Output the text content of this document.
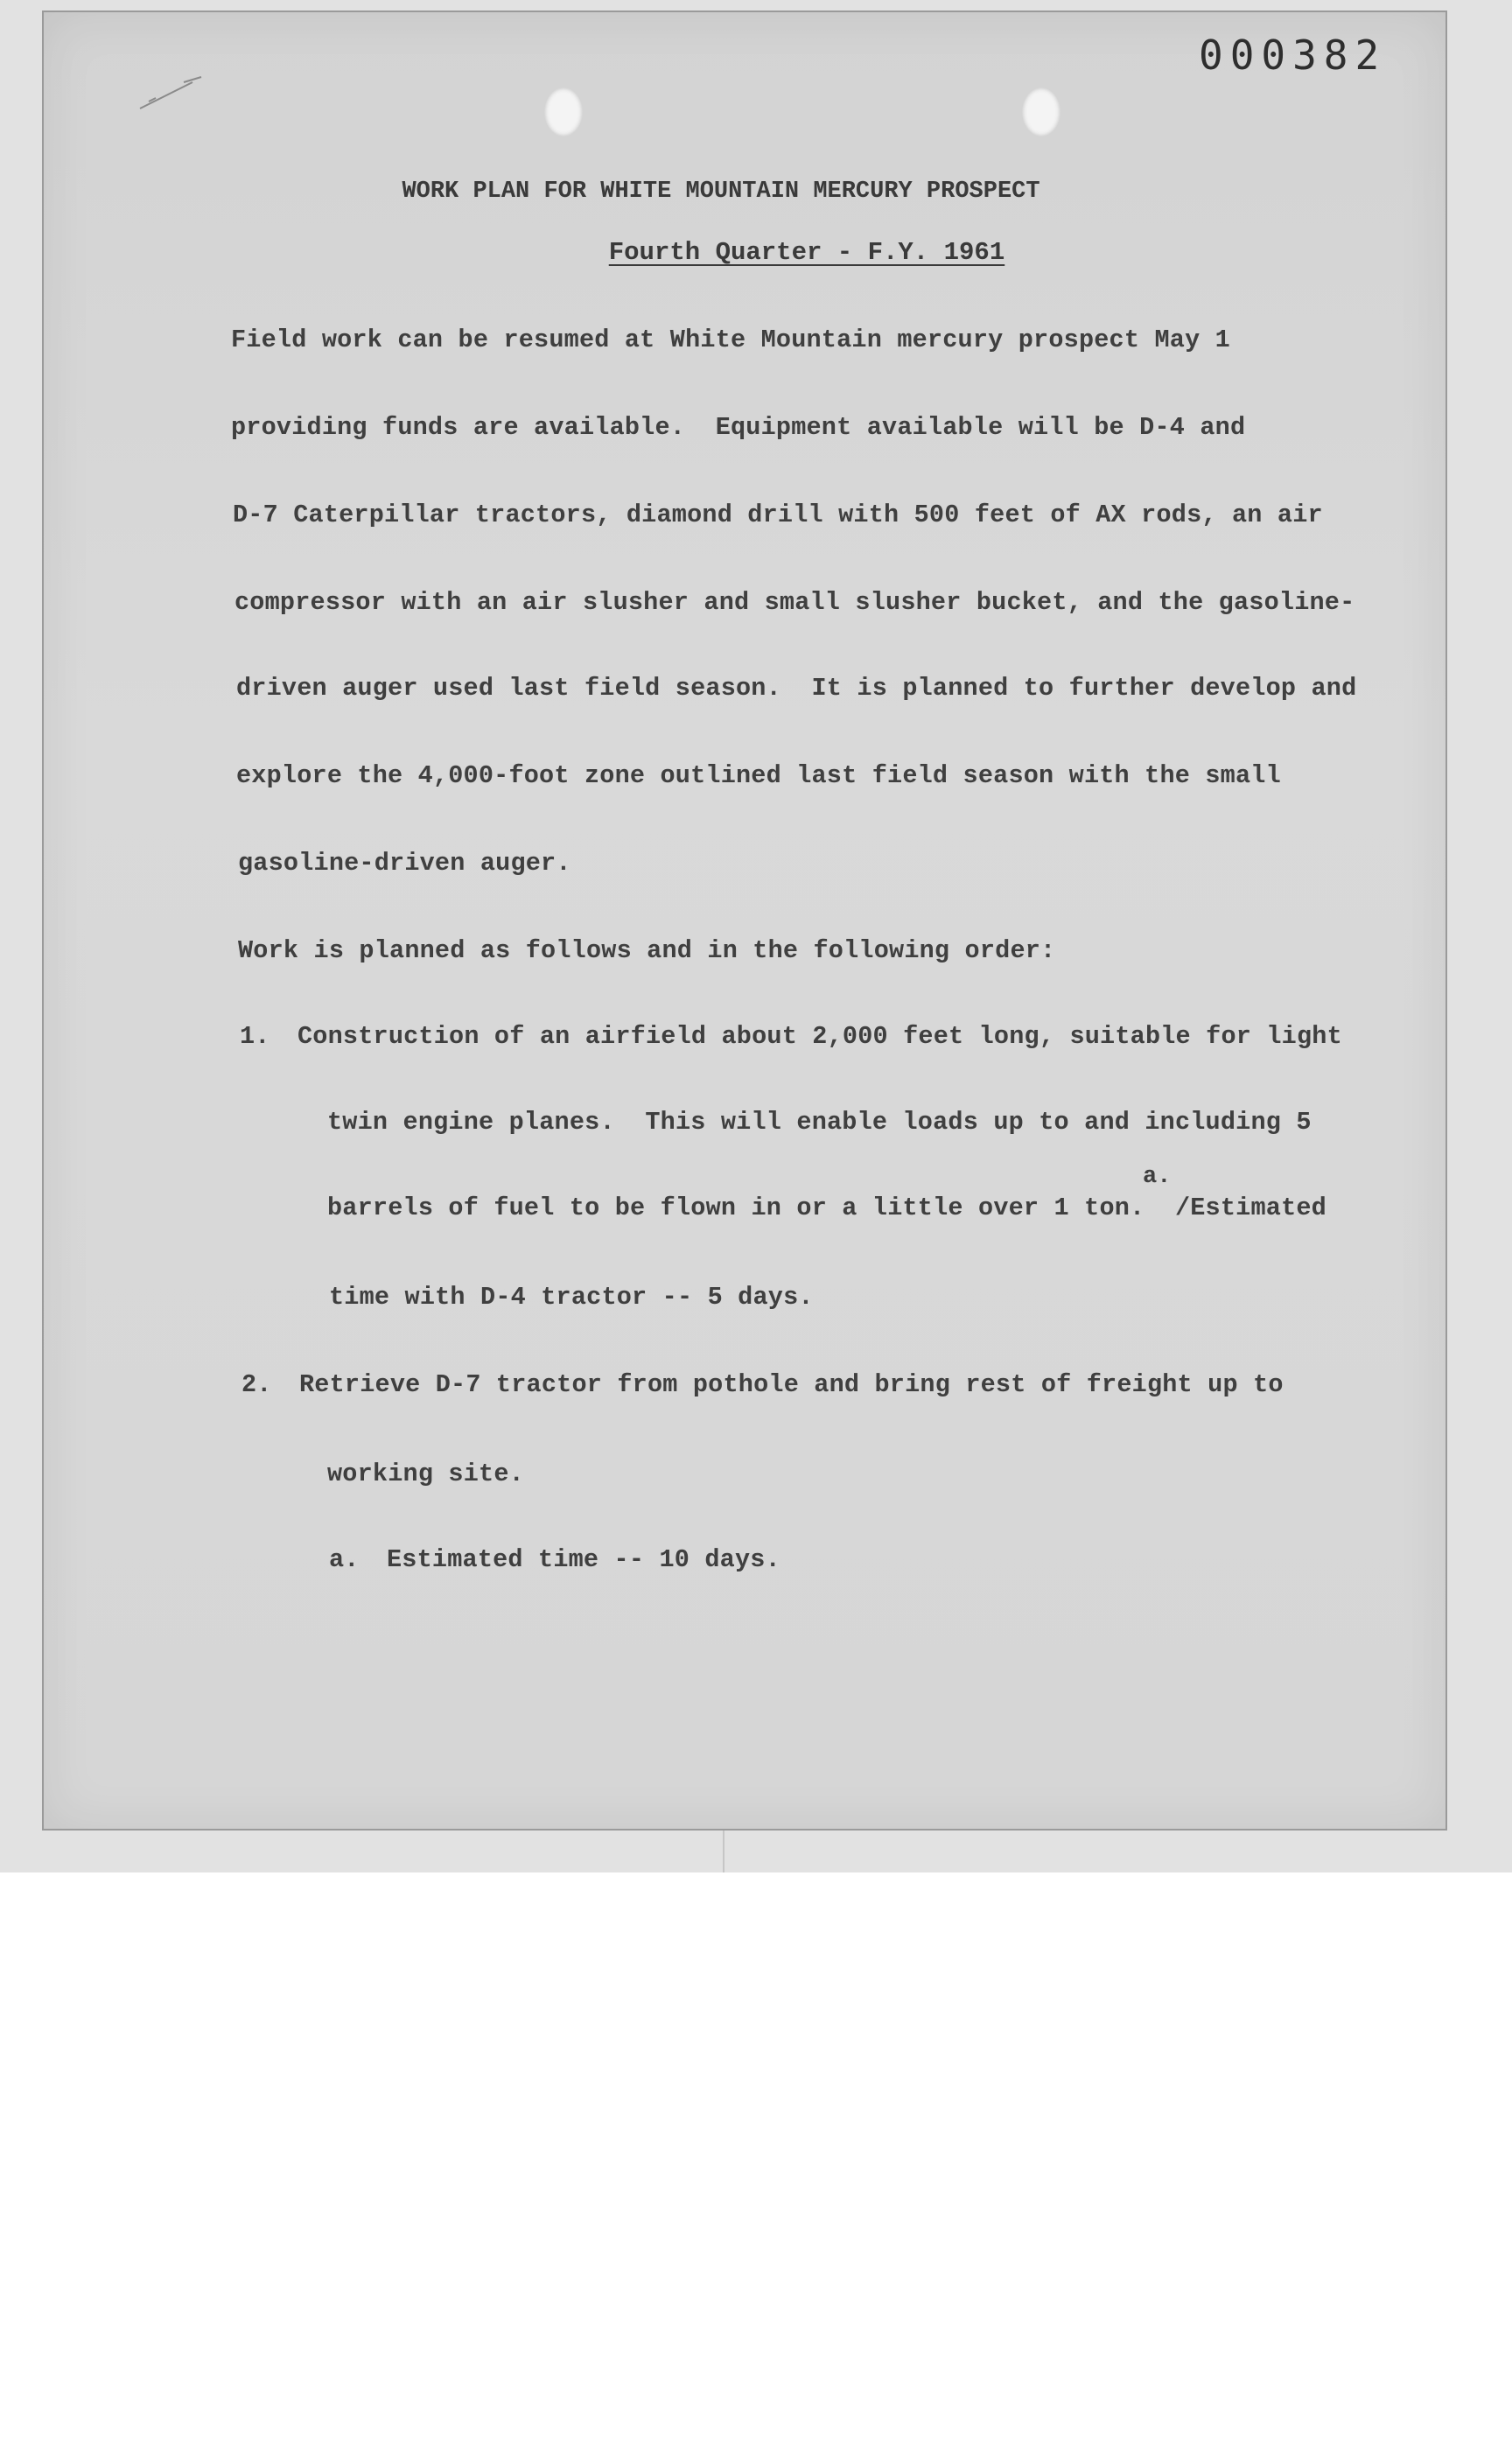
000382
WORK PLAN FOR WHITE MOUNTAIN MERCURY PROSPECT
Fourth Quarter - F.Y. 1961
Field work can be resumed at White Mountain mercury prospect May 1
providing funds are available.  Equipment available will be D-4 and
D-7 Caterpillar tractors, diamond drill with 500 feet of AX rods, an air
compressor with an air slusher and small slusher bucket, and the gasoline-
driven auger used last field season.  It is planned to further develop and
explore the 4,000-foot zone outlined last field season with the small
gasoline-driven auger.
Work is planned as follows and in the following order:
1. Construction of an airfield about 2,000 feet long, suitable for light
twin engine planes.  This will enable loads up to and including 5
a.
barrels of fuel to be flown in or a little over 1 ton.  /Estimated
time with D-4 tractor -- 5 days.
2. Retrieve D-7 tractor from pothole and bring rest of freight up to
working site.
a. Estimated time -- 10 days.
